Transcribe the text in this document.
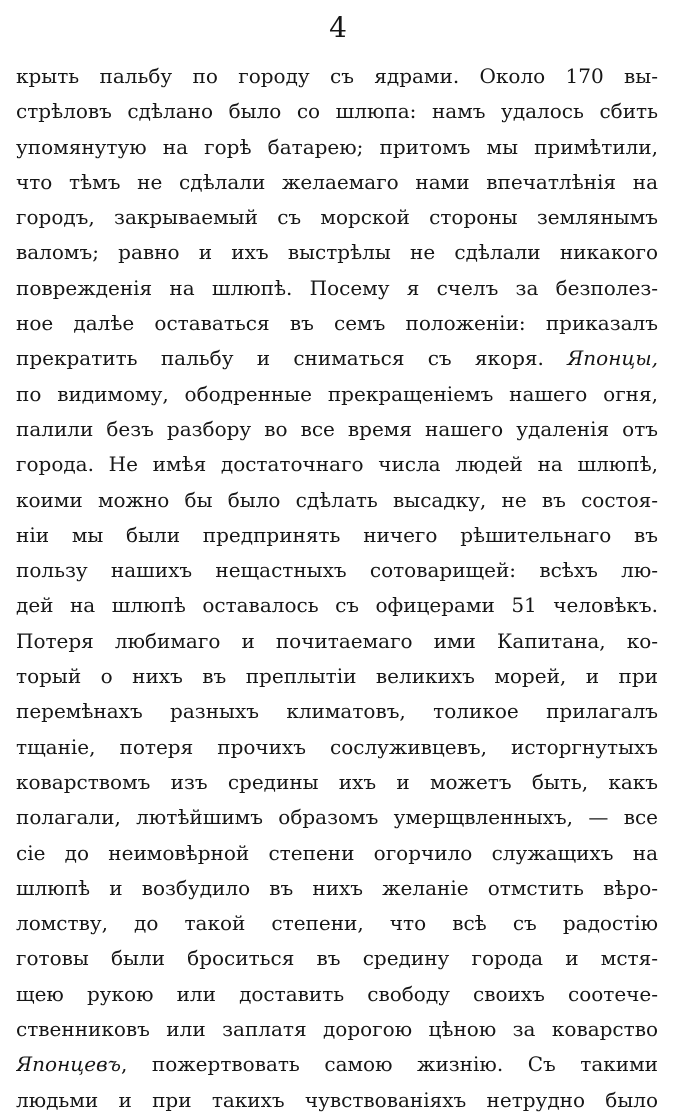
4
крыть пальбу по городу съ ядрами. Около 170 вы-
стрѣловъ сдѣлано было со шлюпа: намъ удалось сбить
упомянутую на горѣ батарею; притомъ мы примѣтили,
что тѣмъ не сдѣлали желаемаго нами впечатлѣнія на
городъ, закрываемый съ морской стороны землянымъ
валомъ; равно и ихъ выстрѣлы не сдѣлали никакого
поврежденія на шлюпѣ. Посему я счелъ за безполез-
ное далѣе оставаться въ семъ положеніи: приказалъ
прекратить пальбу и сниматься съ якоря. Японцы,
по видимому, ободренные прекращеніемъ нашего огня,
палили безъ разбору во все время нашего удаленія отъ
города. Не имѣя достаточнаго числа людей на шлюпѣ,
коими можно бы было сдѣлать высадку, не въ состоя-
ніи мы были предпринять ничего рѣшительнаго въ
пользу нашихъ нещастныхъ сотоварищей: всѣхъ лю-
дей на шлюпѣ оставалось съ офицерами 51 человѣкъ.
Потеря любимаго и почитаемаго ими Капитана, ко-
торый о нихъ въ преплытіи великихъ морей, и при
перемѣнахъ разныхъ климатовъ, толикое прилагалъ
тщаніе, потеря прочихъ сослуживцевъ, исторгнутыхъ
коварствомъ изъ средины ихъ и можетъ быть, какъ
полагали, лютѣйшимъ образомъ умерщвленныхъ, — все
сіе до неимовѣрной степени огорчило служащихъ на
шлюпѣ и возбудило въ нихъ желаніе отмстить вѣро-
ломству, до такой степени, что всѣ съ радостію
готовы были броситься въ средину города и мстя-
щею рукою или доставить свободу своихъ соотече-
ственниковъ или заплатя дорогою цѣною за коварство
Японцевъ, пожертвовать самою жизнію. Съ такими
людьми и при такихъ чувствованіяхъ нетрудно было
